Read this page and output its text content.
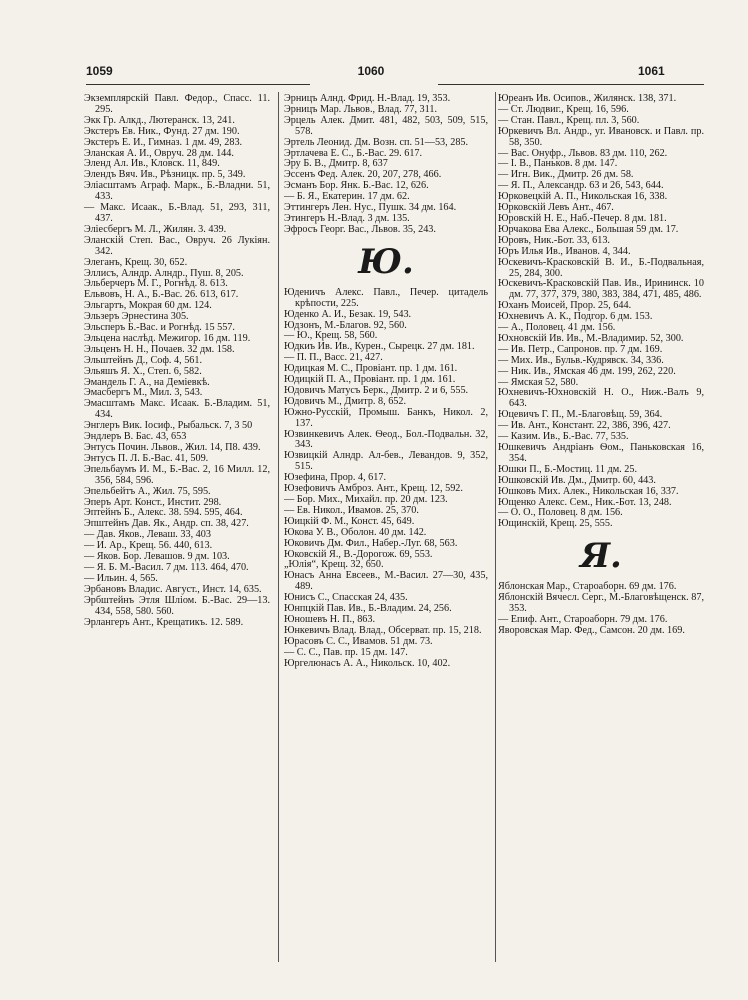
1059	1060	1061
Экземплярскiй Павл. Федор., Спасс. 11. 295.
Экк Гр. Алкд., Лютеранск. 13, 241.
Экстеръ Ев. Ник., Фунд. 27 дм. 190.
Экстеръ Е. И., Гимназ. 1 дм. 49, 283.
Эланская А. И., Овруч. 28 дм. 144.
Эленд Ал. Ив., Кловск. 11, 849.
Элендъ Вяч. Ив., Рѣзницк. пр. 5, 349.
Эліасштамъ Аграф. Марк., Б.-Владни. 51, 433.
— Макс. Исаак., Б.-Влад. 51, 293, 311, 437.
Эліесбергъ М. Л., Жилян. 3. 439.
Эланскій Степ. Вас., Овруч. 26 Лукіян. 342.
Элеганъ, Крещ. 30, 652.
Эллисъ, Алндр. Алндр., Пуш. 8, 205.
Эльберчеръ М. Г., Рогнѣд. 8. 613.
Ельвовъ, Н. А., Б.-Вас. 26. 613, 617.
Эльгартъ, Мокрая 60 дм. 124.
Эльзеръ Эрнестина 305.
Эльсперъ Б.-Вас. и Рогнѣд. 15 557.
Эльцена наслѣд. Межигор. 16 дм. 119.
Эльценъ Н. Н., Почаев. 32 дм. 158.
Эльштейнъ Д., Соф. 4, 561.
Эльяшъ Я. Х., Степ. 6, 582.
Эмандель Г. А., на Деміевкѣ.
Эмасбергъ М., Мил. 3, 543.
Эмасштамъ Макс. Исаак. Б.-Владим. 51, 434.
Энглеръ Вик. Іосиф., Рыбальск. 7, 3 50
Эндлеръ В. Бас. 43, 653
Энтусъ Почин. Львов., Жил. 14, П8. 439.
Энтусъ П. Л. Б.-Вас. 41, 509.
Эпельбаумъ И. М., Б.-Вас. 2, 16 Милл. 12, 356, 584, 596.
Эпельбейтъ А., Жил. 75, 595.
Эперъ Арт. Конст., Инстит. 298.
Эптейнъ Б., Алекс. 38. 594. 595, 464.
Эпштейнъ Дав. Як., Андр. сп. 38, 427.
— Дав. Яков., Леваш. 33, 403
— И. Ар., Крещ. 56. 440, 613.
— Яков. Бор. Левашов. 9 дм. 103.
— Я. Б. М.-Васил. 7 дм. 113. 464, 470.
— Ильин. 4, 565.
Эрбановъ Владис. Август., Инст. 14, 635.
Эрбштейнъ Этля Шліом. Б.-Вас. 29—13. 434, 558, 580. 560.
Эрлангеръ Ант., Крещатикъ. 12. 589.
Эрницъ Алнд. Фрид. Н.-Влад. 19, 353.
Эрницъ Мар. Львов., Влад. 77, 311.
Эрцель Алек. Дмит. 481, 482, 503, 509, 515, 578.
Эртель Леонид. Дм. Возн. сп. 51—53, 285.
Эртлачева Е. С., Б.-Вас. 29. 617.
Эру Б. В., Дмитр. 8, 637
Эссенъ Фед. Алек. 20, 207, 278, 466.
Эсманъ Бор. Янк. Б.-Вас. 12, 626.
— Б. Я., Екатерин. 17 дм. 62.
Эттингеръ Лен. Нус., Пушк. 34 дм. 164.
Этингеръ Н.-Влад. 3 дм. 135.
Эфросъ Георг. Вас., Львов. 35, 243.
Ю.
Юденичъ Алекс. Павл., Печер. цитадель крѣпости, 225.
Юденко А. И., Безак. 19, 543.
Юдзонъ, М.-Благов. 92, 560.
— Ю., Крещ. 58, 560.
Юдкиъ Ив. Ив., Курен., Сырецк. 27 дм. 181.
— П. П., Васс. 21, 427.
Юдицкая М. С., Провіант. пр. 1 дм. 161.
Юдицкій П. А., Провіант. пр. 1 дм. 161.
Юдовичъ Матусъ Берк., Дмитр. 2 и 6, 555.
Юдовичъ М., Дмитр. 8, 652.
Южно-Русскій, Промыш. Банкъ, Никол. 2, 137.
Юзвинкевичъ Алек. Ѳеод., Бол.-Подвальн. 32, 343.
Юзвицкій Алндр. Ал-бев., Левандов. 9, 352, 515.
Юзефина, Прор. 4, 617.
Юзефовичъ Амброз. Ант., Крещ. 12, 592.
— Бор. Мих., Михайл. пр. 20 дм. 123.
— Ев. Никол., Ивамов. 25, 370.
Юицкій Ф. М., Конст. 45, 649.
Юкова У. В., Оболон. 40 дм. 142.
Юковичъ Дм. Фил., Набер.-Луг. 68, 563.
Юковскій Я., В.-Дорогож. 69, 553.
„Юлія“, Крещ. 32, 650.
Юнасъ Анна Евсеев., М.-Васил. 27—30, 435, 489.
Юнисъ С., Спасская 24, 435.
Юнпцкій Пав. Ив., Б.-Владим. 24, 256.
Юношевъ Н. П., 863.
Юнкевичъ Влад. Влад., Обсерват. пр. 15, 218.
Юрасовъ С. С., Ивамов. 51 дм. 73.
— С. С., Пав. пр. 15 дм. 147.
Юргелюнасъ А. А., Никольск. 10, 402.
Юреанъ Ив. Осипов., Жилянск. 138, 371.
— Ст. Людвиг., Крещ. 16, 596.
— Стан. Павл., Крещ. пл. 3, 560.
Юркевичъ Вл. Андр., уг. Ивановск. и Павл. пр. 58, 350.
— Вас. Онуфр., Львов. 83 дм. 110, 262.
— I. В., Паньков. 8 дм. 147.
— Игн. Вик., Дмитр. 26 дм. 58.
— Я. П., Александр. 63 и 26, 543, 644.
Юрковецкій А. П., Никольская 16, 338.
Юрковскій Левъ Ант., 467.
Юровскій Н. Е., Наб.-Печер. 8 дм. 181.
Юрчакова Ева Алекс., Большая 59 дм. 17.
Юровъ, Ник.-Бот. 33, 613.
Юръ Илья Ив., Иванов. 4, 344.
Юскевичъ-Красковскій В. И., Б.-Подвальная, 25, 284, 300.
Юскевичъ-Красковскій Пав. Ив., Ирининск. 10 дм. 77, 377, 379, 380, 383, 384, 471, 485, 486.
Юханъ Моисей, Прор. 25, 644.
Юхневичъ А. К., Подгор. 6 дм. 153.
— А., Половец. 41 дм. 156.
Юхновскій Ив. Ив., М.-Владимир. 52, 300.
— Ив. Петр., Сапронов. пр. 7 дм. 169.
— Мих. Ив., Бульв.-Кудрявск. 34, 336.
— Ник. Ив., Ямская 46 дм. 199, 262, 220.
— Ямская 52, 580.
Юхневичъ-Юхновскій Н. О., Ниж.-Валъ 9, 643.
Юцевичъ Г. П., М.-Благовѣщ. 59, 364.
— Ив. Ант., Констант. 22, 386, 396, 427.
— Казим. Ив., Б.-Вас. 77, 535.
Юшкевичъ Андріанъ Ѳом., Паньковская 16, 354.
Юшки П., Б.-Мостиц. 11 дм. 25.
Юшковскій Ив. Дм., Дмитр. 60, 443.
Юшковъ Мих. Алек., Никольская 16, 337.
Ющенко Алекс. Сем., Ник.-Бот. 13, 248.
— О. О., Половец. 8 дм. 156.
Ющинскій, Крещ. 25, 555.
Я.
Яблонская Мар., Староаборн. 69 дм. 176.
Яблонскій Вячесл. Серг., М.-Благовѣщенск. 87, 353.
— Епиф. Ант., Староаборн. 79 дм. 176.
Яворовская Мар. Фед., Самсон. 20 дм. 169.
